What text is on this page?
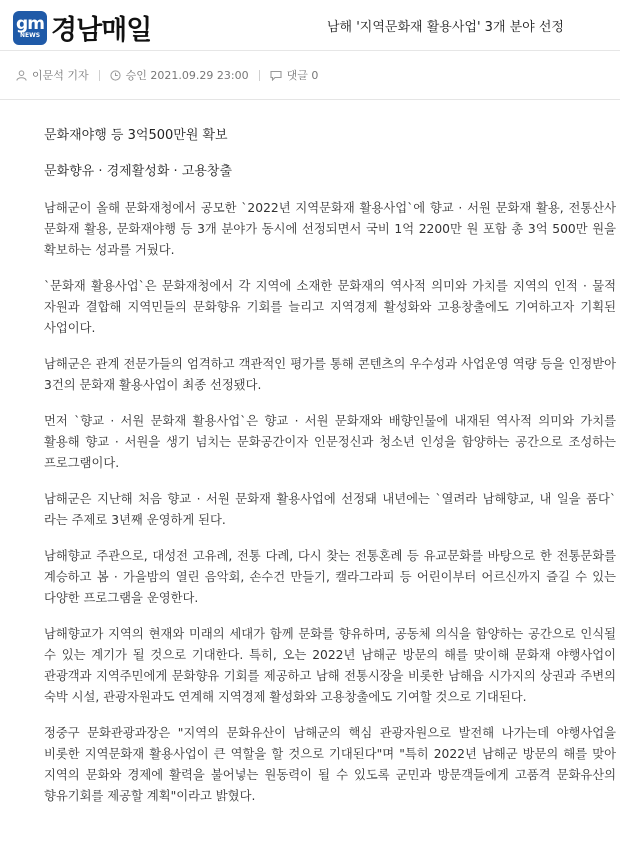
gm
NEWS 경남매일	남해 '지역문화재 활용사업' 3개 분야 선정
이문석 기자	승인 2021.09.29 23:00	댓글 0

문화재야행 등 3억500만원 확보

문화향유 · 경제활성화 · 고용창출

남해군이 올해 문화재청에서 공모한 `2022년 지역문화재 활용사업`에 향교 · 서원 문화재 활용, 전통산사 문화재 활용, 문화재야행 등 3개 분야가 동시에 선정되면서 국비 1억 2200만 원 포함 총 3억 500만 원을 확보하는 성과를 거뒀다.

`문화재 활용사업`은 문화재청에서 각 지역에 소재한 문화재의 역사적 의미와 가치를 지역의 인적 · 물적 자원과 결합해 지역민들의 문화향유 기회를 늘리고 지역경제 활성화와 고용창출에도 기여하고자 기획된 사업이다.

남해군은 관계 전문가들의 엄격하고 객관적인 평가를 통해 콘텐츠의 우수성과 사업운영 역량 등을 인정받아 3건의 문화재 활용사업이 최종 선정됐다.

먼저 `향교 · 서원 문화재 활용사업`은 향교 · 서원 문화재와 배향인물에 내재된 역사적 의미와 가치를 활용해 향교 · 서원을 생기 넘치는 문화공간이자 인문정신과 청소년 인성을 함양하는 공간으로 조성하는 프로그램이다.

남해군은 지난해 처음 향교 · 서원 문화재 활용사업에 선정돼 내년에는 `열려라 남해향교, 내 일을 품다`라는 주제로 3년째 운영하게 된다.

남해향교 주관으로, 대성전 고유례, 전통 다례, 다시 찾는 전통혼례 등 유교문화를 바탕으로 한 전통문화를 계승하고 봄 · 가을밤의 열린 음악회, 손수건 만들기, 캘라그라피 등 어린이부터 어르신까지 즐길 수 있는 다양한 프로그램을 운영한다.

남해향교가 지역의 현재와 미래의 세대가 함께 문화를 향유하며, 공동체 의식을 함양하는 공간으로 인식될 수 있는 계기가 될 것으로 기대한다. 특히, 오는 2022년 남해군 방문의 해를 맞이해 문화재 야행사업이 관광객과 지역주민에게 문화향유 기회를 제공하고 남해 전통시장을 비롯한 남해읍 시가지의 상권과 주변의 숙박 시설, 관광자원과도 연계해 지역경제 활성화와 고용창출에도 기여할 것으로 기대된다.

정중구 문화관광과장은 "지역의 문화유산이 남해군의 핵심 관광자원으로 발전해 나가는데 야행사업을 비롯한 지역문화재 활용사업이 큰 역할을 할 것으로 기대된다"며 "특히 2022년 남해군 방문의 해를 맞아 지역의 문화와 경제에 활력을 불어넣는 원동력이 될 수 있도록 군민과 방문객들에게 고품격 문화유산의 향유기회를 제공할 계획"이라고 밝혔다.
